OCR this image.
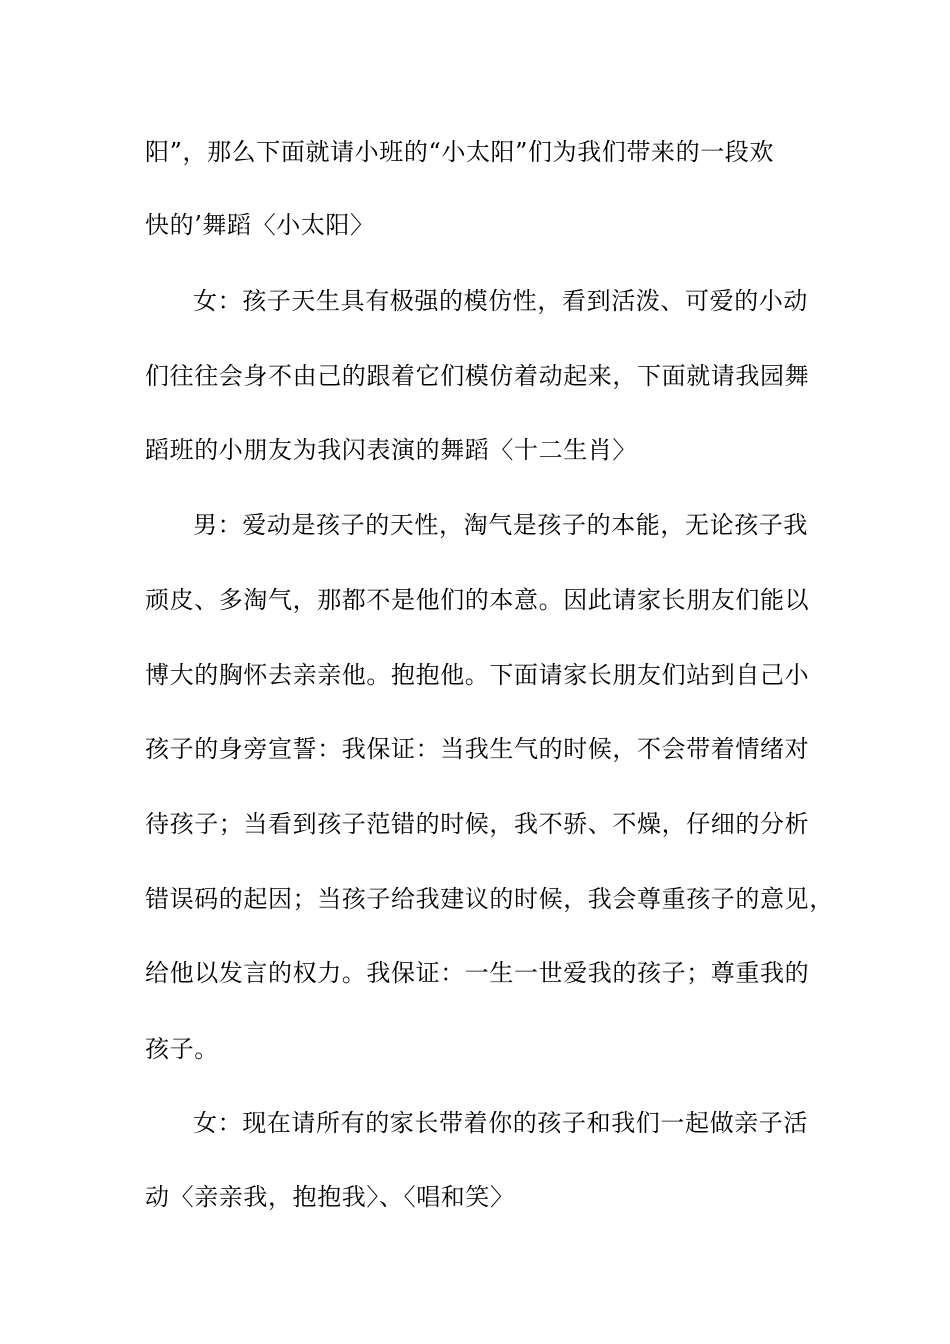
阳”，那么下面就请小班的“小太阳”们为我们带来的一段欢
快的’舞蹈〈小太阳〉
女：孩子天生具有极强的模仿性，看到活泼、可爱的小动
们往往会身不由己的跟着它们模仿着动起来，下面就请我园舞
蹈班的小朋友为我闪表演的舞蹈〈十二生肖〉
男：爱动是孩子的天性，淘气是孩子的本能，无论孩子我
顽皮、多淘气，那都不是他们的本意。因此请家长朋友们能以
博大的胸怀去亲亲他。抱抱他。下面请家长朋友们站到自己小
孩子的身旁宣誓：我保证：当我生气的时候，不会带着情绪对
待孩子；当看到孩子范错的时候，我不骄、不燥，仔细的分析
错误码的起因；当孩子给我建议的时候，我会尊重孩子的意见，
给他以发言的权力。我保证：一生一世爱我的孩子；尊重我的
孩子。
女：现在请所有的家长带着你的孩子和我们一起做亲子活
动〈亲亲我，抱抱我〉、〈唱和笑〉
